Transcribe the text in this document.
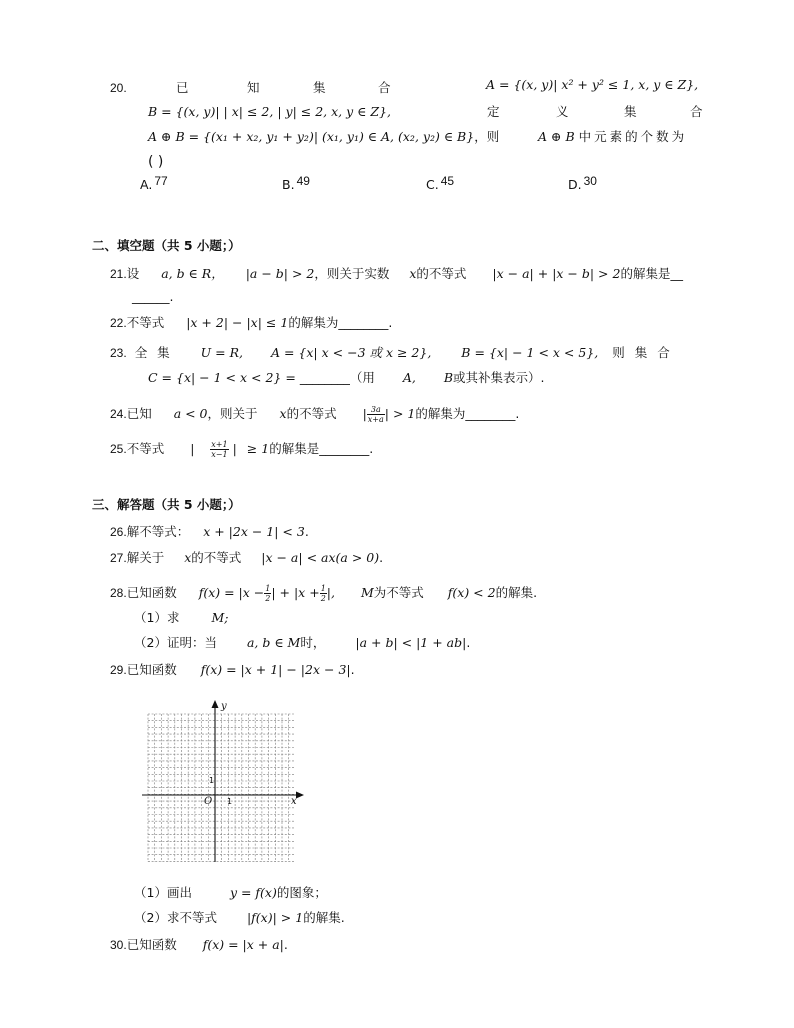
20.	已	知	集	合	A = {(x, y)| x² + y² ≤ 1, x, y ∈ Z},
B = {(x, y)| | x| ≤ 2, | y| ≤ 2, x, y ∈ Z},	定	义	集	合
A ⊕ B = {(x₁ + x₂, y₁ + y₂)| (x₁, y₁) ∈ A, (x₂, y₂) ∈ B}，则	A ⊕ B 中元素的个数为
( )
A. 77	B. 49	C. 45	D. 30
二、填空题（共 5 小题；）
21.设 a, b ∈ R， |a − b| > 2，则关于实数 x的不等式 |x − a| + |x − b| > 2的解集是__
______.
22.不等式 |x + 2| − |x| ≤ 1的解集为________.
23. 全 集 U = R, A = {x| x < −3 或 x ≥ 2}, B = {x| − 1 < x < 5}, 则 集 合
C = {x| − 1 < x < 2} = ________（用 A, B或其补集表示）.
24.已知 a < 0，则关于 x的不等式 | $\frac{3a}{x+a}$ | > 1的解集为________.
25.不等式 | $\frac{x+1}{x-1}$ | ≥ 1的解集是________.
三、解答题（共 5 小题；）
26.解不等式： x + |2x − 1| < 3.
27.解关于 x的不等式 |x − a| < ax(a > 0).
28.已知函数 $f(x) = |x - \frac{1}{2}$ | + $|x + \frac{1}{2}$ |, M为不等式 f(x) < 2的解集.
（1）求	M;
（2）证明：当 a, b ∈ M时， |a + b| < |1 + ab|.
29.已知函数 f(x) = |x + 1| − |2x − 3|.
y
x
O
1
1
（1）画出	y = f(x)的图象；
（2）求不等式 |f(x)| > 1的解集.
30.已知函数 f(x) = |x + a|.
